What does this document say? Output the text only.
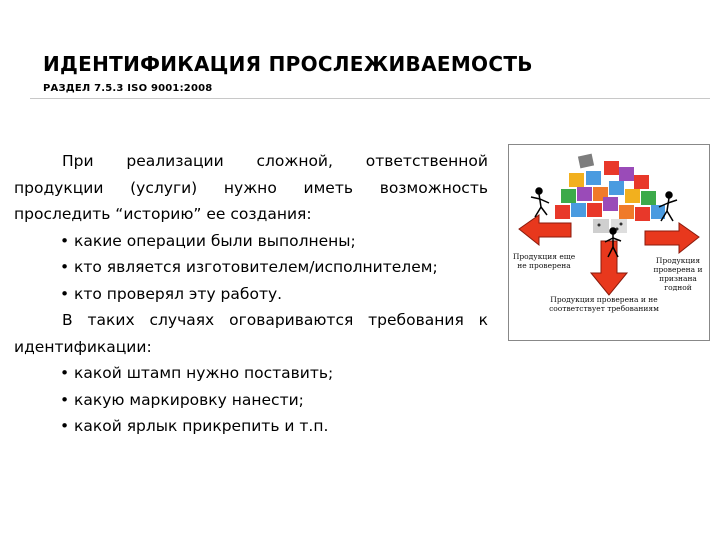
ИДЕНТИФИКАЦИЯ ПРОСЛЕЖИВАЕМОСТЬ
РАЗДЕЛ 7.5.3 ISO 9001:2008

При реализации сложной, ответственной продукции (услуги) нужно иметь возможность проследить “историю” ее создания:

• какие операции были выполнены;
• кто является изготовителем/исполнителем;
• кто проверял эту работу.

В таких случаях оговариваются требования к идентификации:

• какой штамп нужно поставить;
• какую маркировку нанести;
• какой ярлык прикрепить и т.п.
Продукция еще не проверена
Продукция проверена и признана годной
Продукция проверена и не соответствует требованиям
